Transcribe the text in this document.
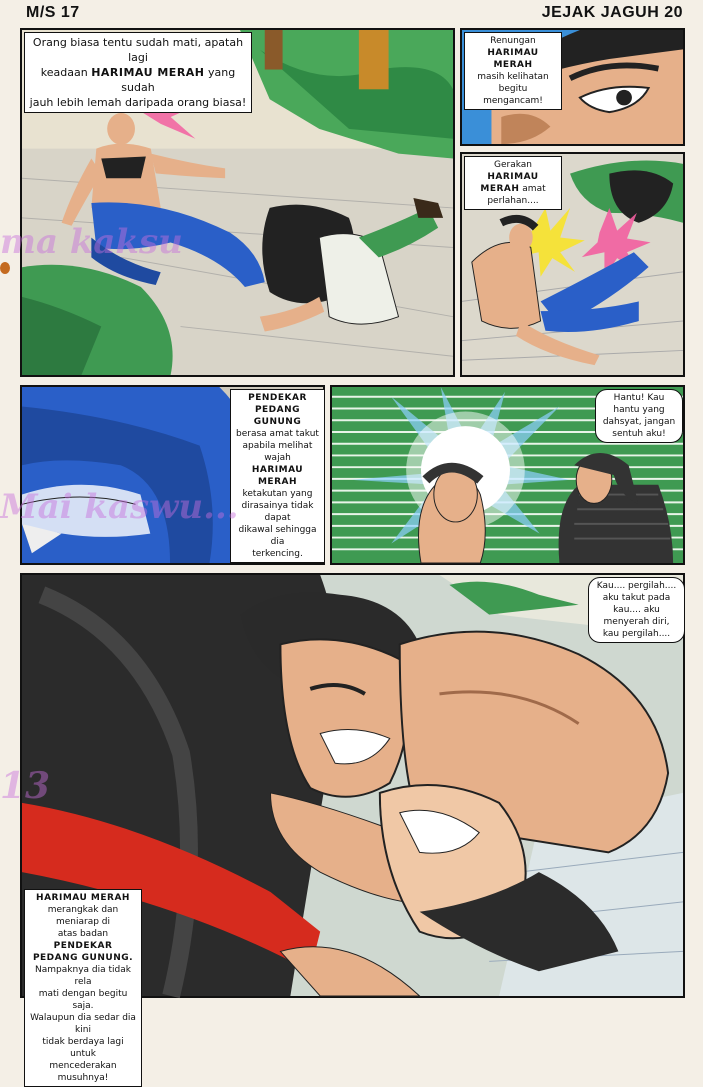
M/S 17	JEJAK JAGUH 20
Orang biasa tentu sudah mati, apatah lagi
keadaan HARIMAU MERAH yang sudah
jauh lebih lemah daripada orang biasa!
Renungan
HARIMAU MERAH
masih kelihatan
begitu mengancam!
Gerakan HARIMAU
MERAH amat
perlahan....
PENDEKAR
PEDANG GUNUNG
berasa amat takut
apabila melihat wajah
HARIMAU MERAH
ketakutan yang
dirasainya tidak dapat
dikawal sehingga dia
terkencing.
Hantu! Kau
hantu yang
dahsyat, jangan
sentuh aku!
Kau.... pergilah....
aku takut pada
kau.... aku
menyerah diri,
kau pergilah....
HARIMAU MERAH
merangkak dan meniarap di
atas badan PENDEKAR
PEDANG GUNUNG.
Nampaknya dia tidak rela
mati dengan begitu saja.
Walaupun dia sedar dia kini
tidak berdaya lagi untuk
mencederakan musuhnya!
ma kaksu
Mai kaswu...
13
